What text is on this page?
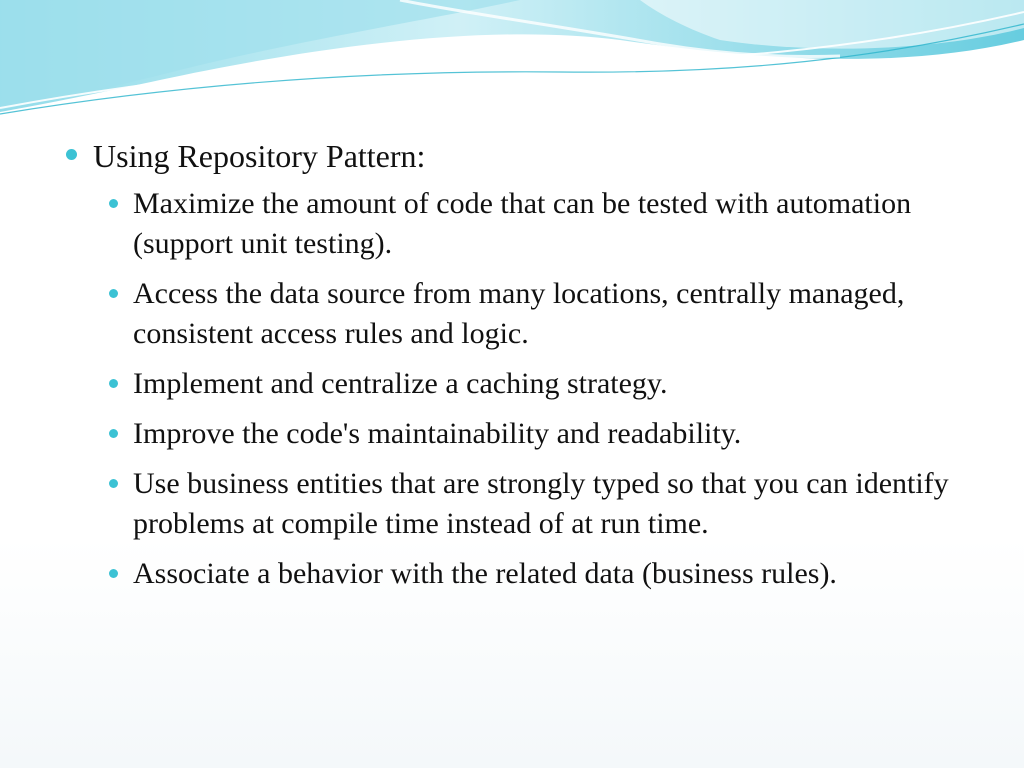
Using Repository Pattern:
Maximize the amount of code that can be tested with automation (support unit testing).
Access the data source from many locations, centrally managed, consistent access rules and logic.
Implement and centralize a caching strategy.
Improve the code's maintainability and readability.
Use business entities that are strongly typed so that you can identify problems at compile time instead of at run time.
Associate a behavior with the related data (business rules).
